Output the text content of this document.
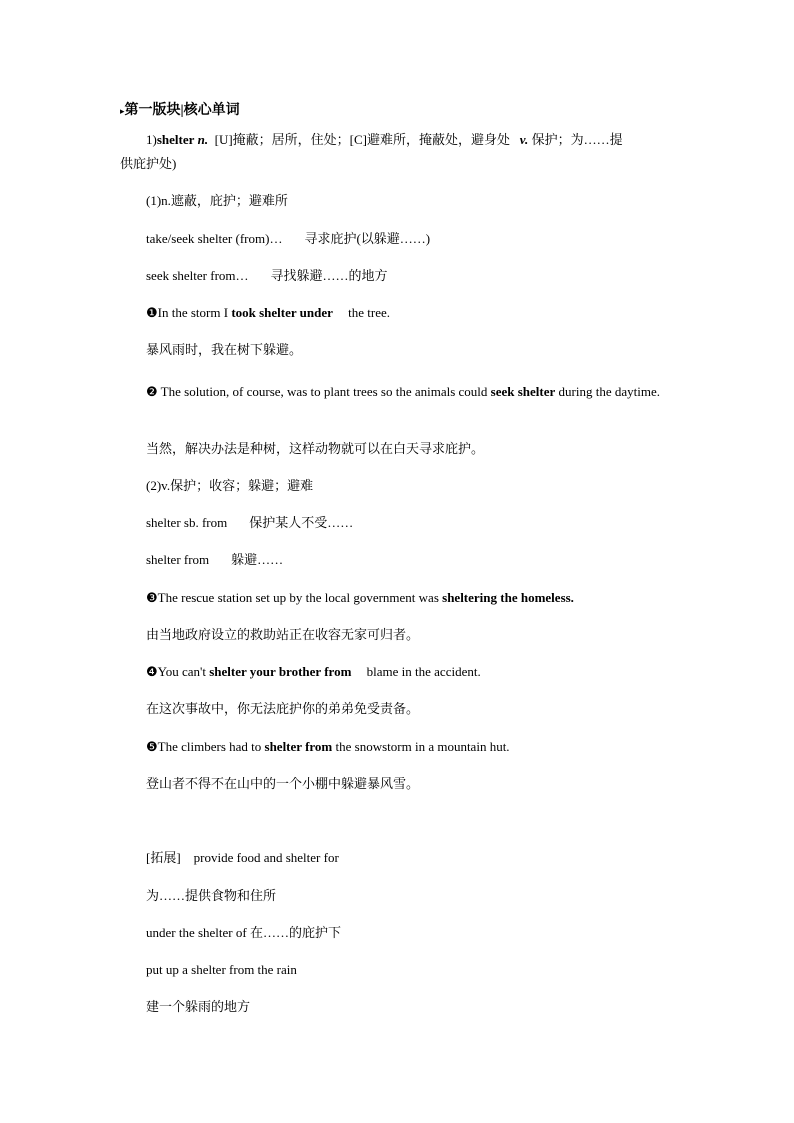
▸第一版块|核心单词
1)shelter n. [U]掩蔽；居所，住处；[C]避难所，掩蔽处，避身处 v. 保护；为……提
供庇护处)
(1)n.遮蔽，庇护；避难所
take/seek shelter (from)… 寻求庇护(以躲避……)
seek shelter from… 寻找躲避……的地方
❶In the storm I took shelter under the tree.
暴风雨时，我在树下躲避。
❷ The solution, of course, was to plant trees so the animals could seek shelter during the daytime.
当然，解决办法是种树，这样动物就可以在白天寻求庇护。
(2)v.保护；收容；躲避；避难
shelter sb. from 保护某人不受……
shelter from 躲避……
❸The rescue station set up by the local government was sheltering the homeless.
由当地政府设立的救助站正在收容无家可归者。
❹You can't shelter your brother from blame in the accident.
在这次事故中，你无法庇护你的弟弟免受责备。
❺The climbers had to shelter from the snowstorm in a mountain hut.
登山者不得不在山中的一个小棚中躲避暴风雪。
[拓展] provide food and shelter for
为……提供食物和住所
under the shelter of 在……的庇护下
put up a shelter from the rain
建一个躲雨的地方
